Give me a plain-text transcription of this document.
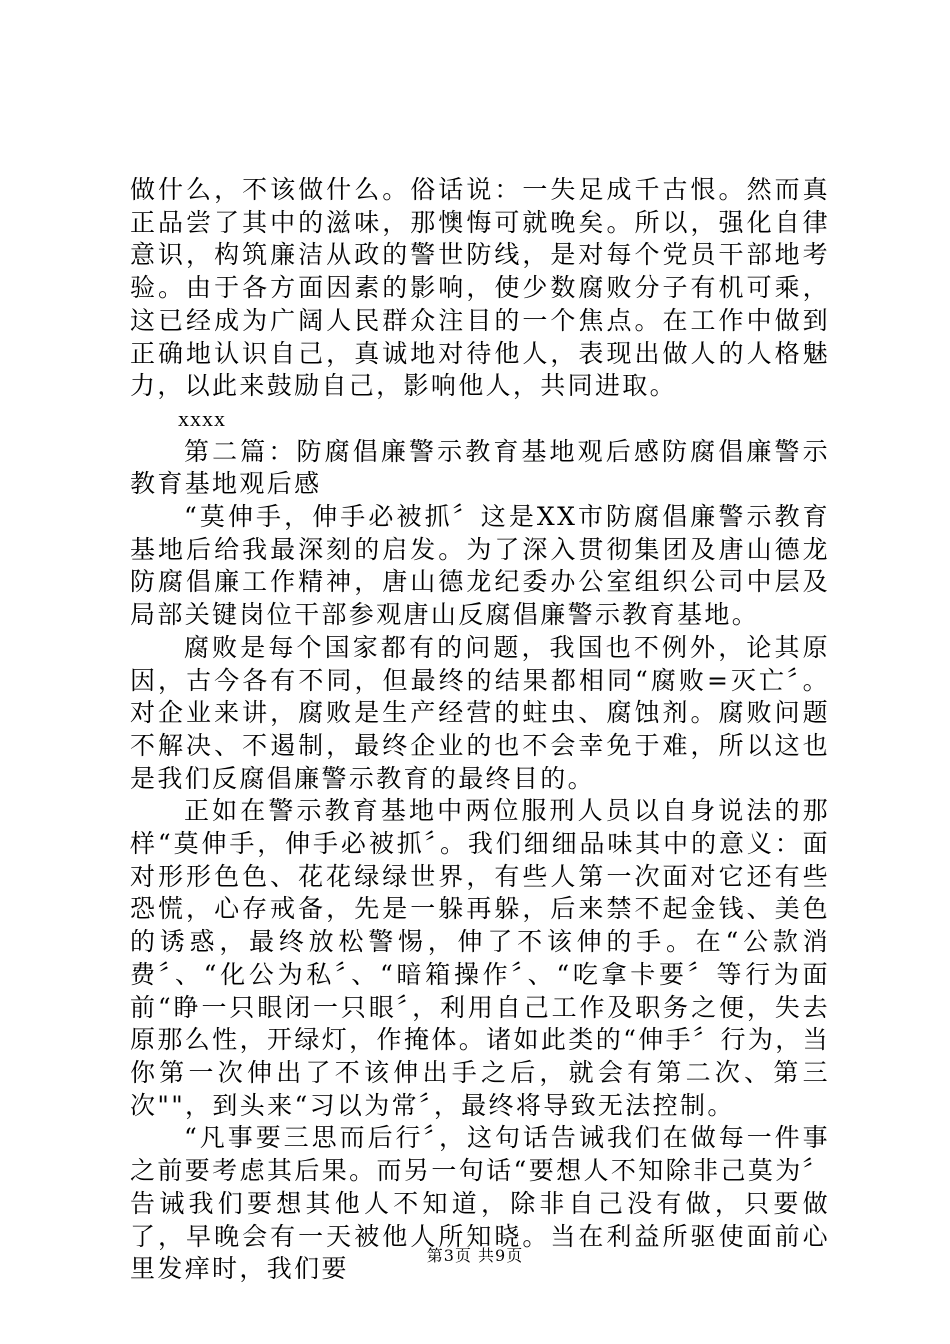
做什么，不该做什么。俗话说：一失足成千古恨。然而真正品尝了其中的滋味，那懊悔可就晚矣。所以，强化自律意识，构筑廉洁从政的警世防线，是对每个党员干部地考验。由于各方面因素的影响，使少数腐败分子有机可乘，这已经成为广阔人民群众注目的一个焦点。在工作中做到正确地认识自己，真诚地对待他人，表现出做人的人格魅力，以此来鼓励自己，影响他人，共同进取。

xxxx

第二篇：防腐倡廉警示教育基地观后感防腐倡廉警示教育基地观后感

“莫伸手，伸手必被抓〞这是XX市防腐倡廉警示教育基地后给我最深刻的启发。为了深入贯彻集团及唐山德龙防腐倡廉工作精神，唐山德龙纪委办公室组织公司中层及局部关键岗位干部参观唐山反腐倡廉警示教育基地。

腐败是每个国家都有的问题，我国也不例外，论其原因，古今各有不同，但最终的结果都相同“腐败=灭亡〞。对企业来讲，腐败是生产经营的蛀虫、腐蚀剂。腐败问题不解决、不遏制，最终企业的也不会幸免于难，所以这也是我们反腐倡廉警示教育的最终目的。

正如在警示教育基地中两位服刑人员以自身说法的那样“莫伸手，伸手必被抓〞。我们细细品味其中的意义：面对形形色色、花花绿绿世界，有些人第一次面对它还有些恐慌，心存戒备，先是一躲再躲，后来禁不起金钱、美色的诱惑，最终放松警惕，伸了不该伸的手。在“公款消费〞、“化公为私〞、“暗箱操作〞、“吃拿卡要〞等行为面前“睁一只眼闭一只眼〞，利用自己工作及职务之便，失去原那么性，开绿灯，作掩体。诸如此类的“伸手〞行为，当你第一次伸出了不该伸出手之后，就会有第二次、第三次""，到头来“习以为常〞，最终将导致无法控制。

“凡事要三思而后行〞，这句话告诫我们在做每一件事之前要考虑其后果。而另一句话“要想人不知除非己莫为〞告诫我们要想其他人不知道，除非自己没有做，只要做了，早晚会有一天被他人所知晓。当在利益所驱使面前心里发痒时，我们要	第3页 共9页
